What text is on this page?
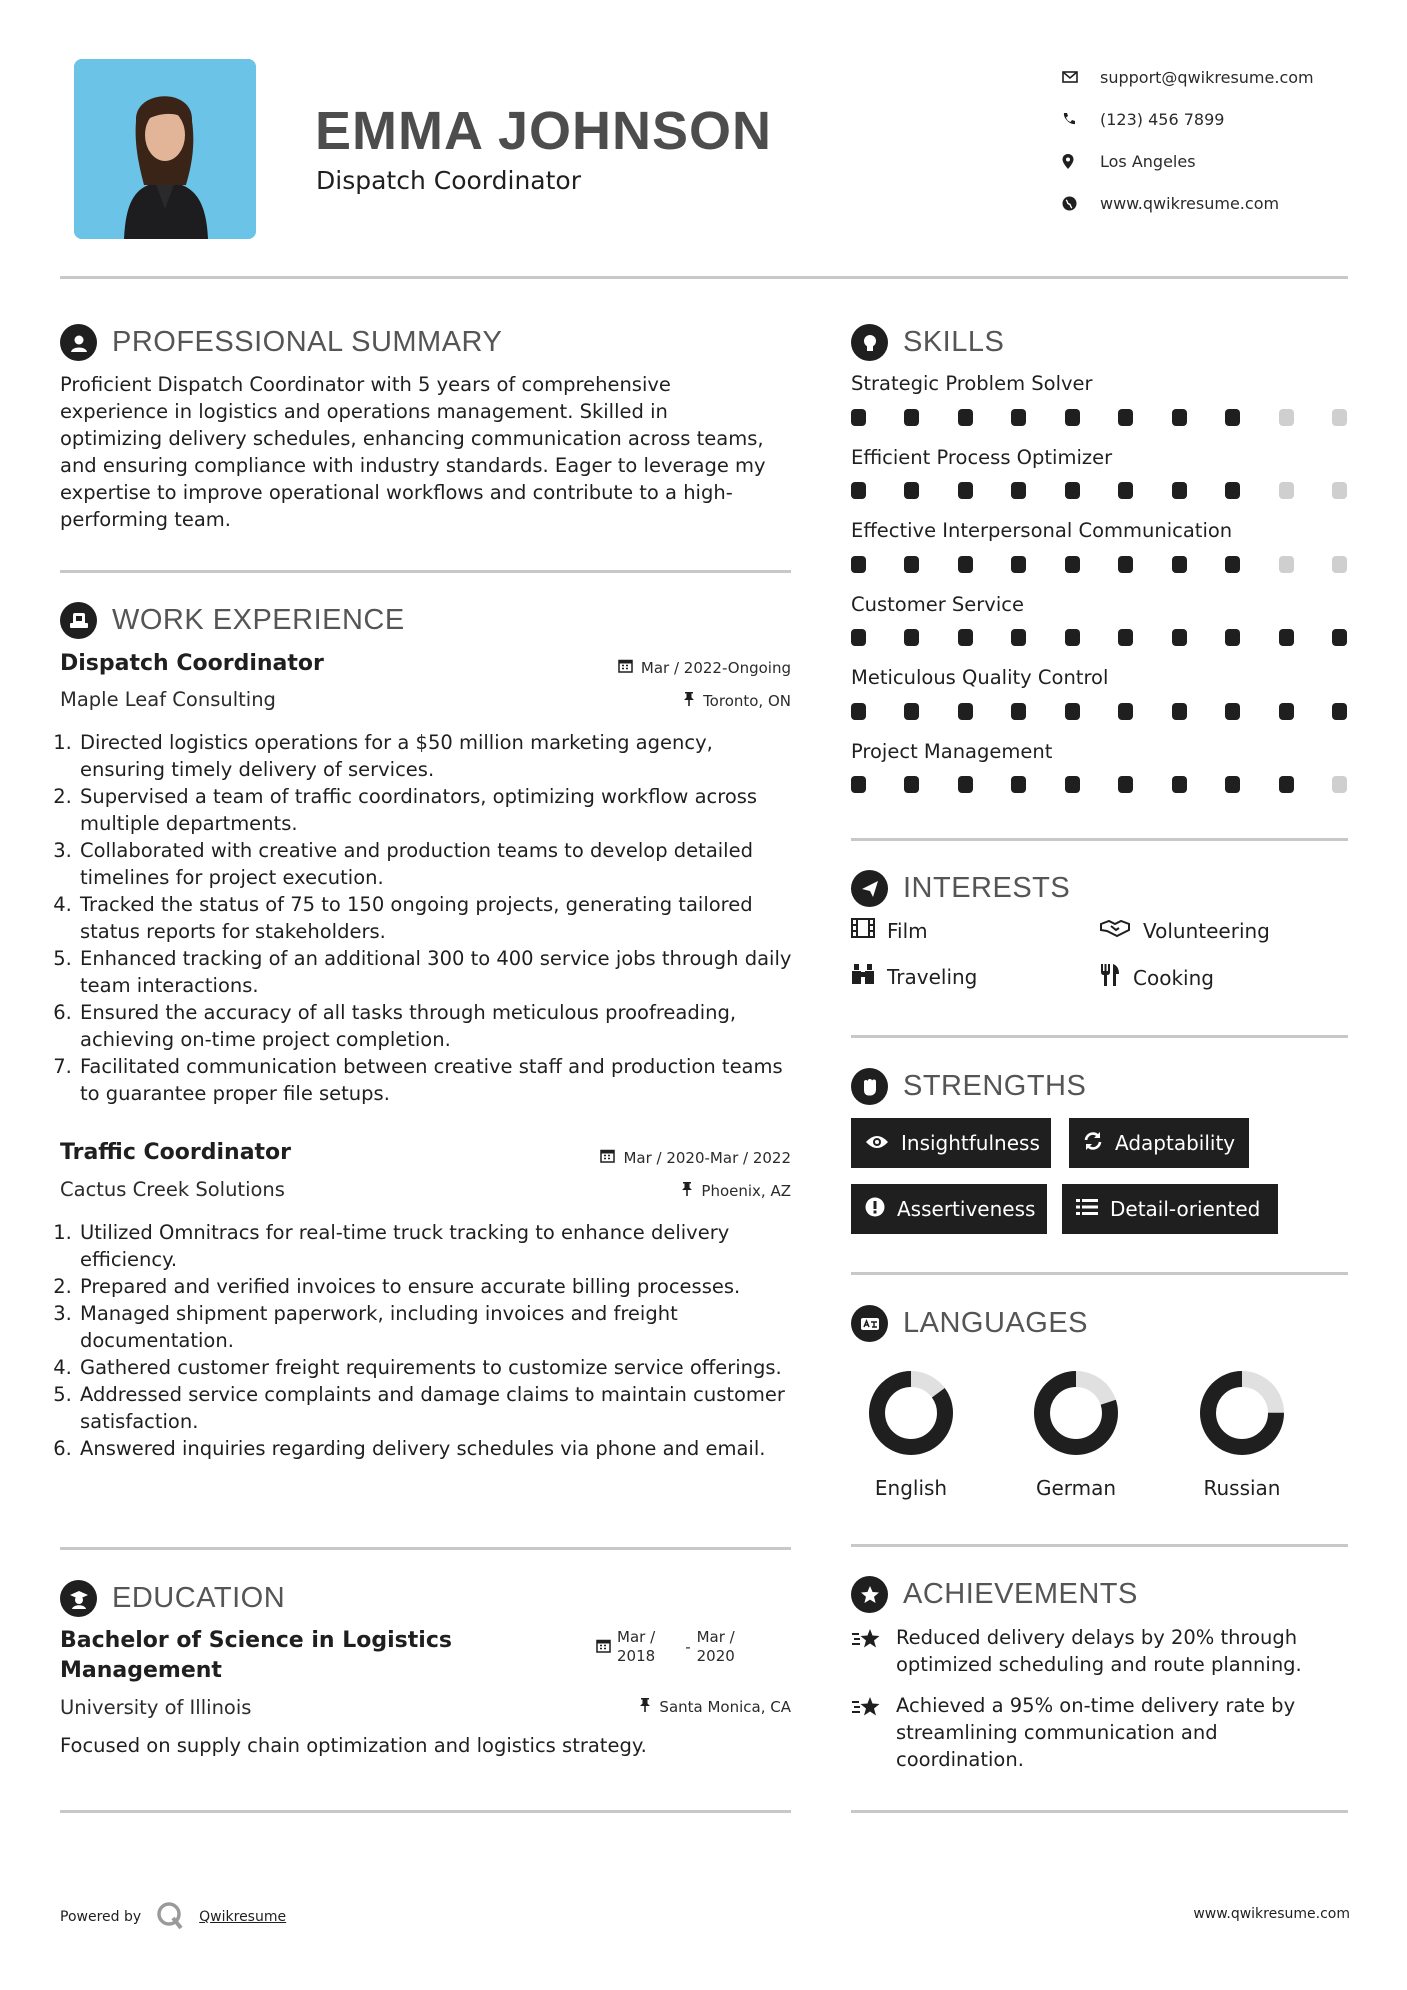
EMMA JOHNSON
Dispatch Coordinator
support@qwikresume.com
(123) 456 7899
Los Angeles
www.qwikresume.com
PROFESSIONAL SUMMARY
Proficient Dispatch Coordinator with 5 years of comprehensive experience in logistics and operations management. Skilled in optimizing delivery schedules, enhancing communication across teams, and ensuring compliance with industry standards. Eager to leverage my expertise to improve operational workflows and contribute to a high-performing team.
WORK EXPERIENCE
Dispatch Coordinator	Mar / 2022-Ongoing
Maple Leaf Consulting	Toronto, ON
1. Directed logistics operations for a $50 million marketing agency, ensuring timely delivery of services.
2. Supervised a team of traffic coordinators, optimizing workflow across multiple departments.
3. Collaborated with creative and production teams to develop detailed timelines for project execution.
4. Tracked the status of 75 to 150 ongoing projects, generating tailored status reports for stakeholders.
5. Enhanced tracking of an additional 300 to 400 service jobs through daily team interactions.
6. Ensured the accuracy of all tasks through meticulous proofreading, achieving on-time project completion.
7. Facilitated communication between creative staff and production teams to guarantee proper file setups.
Traffic Coordinator	Mar / 2020-Mar / 2022
Cactus Creek Solutions	Phoenix, AZ
1. Utilized Omnitracs for real-time truck tracking to enhance delivery efficiency.
2. Prepared and verified invoices to ensure accurate billing processes.
3. Managed shipment paperwork, including invoices and freight documentation.
4. Gathered customer freight requirements to customize service offerings.
5. Addressed service complaints and damage claims to maintain customer satisfaction.
6. Answered inquiries regarding delivery schedules via phone and email.
EDUCATION
Bachelor of Science in Logistics
Management
Mar /
2018 -
Mar /
2020
University of Illinois	Santa Monica, CA
Focused on supply chain optimization and logistics strategy.
SKILLS
Strategic Problem Solver
Efficient Process Optimizer
Effective Interpersonal Communication
Customer Service
Meticulous Quality Control
Project Management
INTERESTS
Film	Volunteering
Traveling	Cooking
STRENGTHS
Insightfulness	Adaptability
Assertiveness	Detail-oriented
LANGUAGES
English	German	Russian
ACHIEVEMENTS
Reduced delivery delays by 20% through optimized scheduling and route planning.
Achieved a 95% on-time delivery rate by streamlining communication and coordination.
Powered by	Qwikresume	www.qwikresume.com
